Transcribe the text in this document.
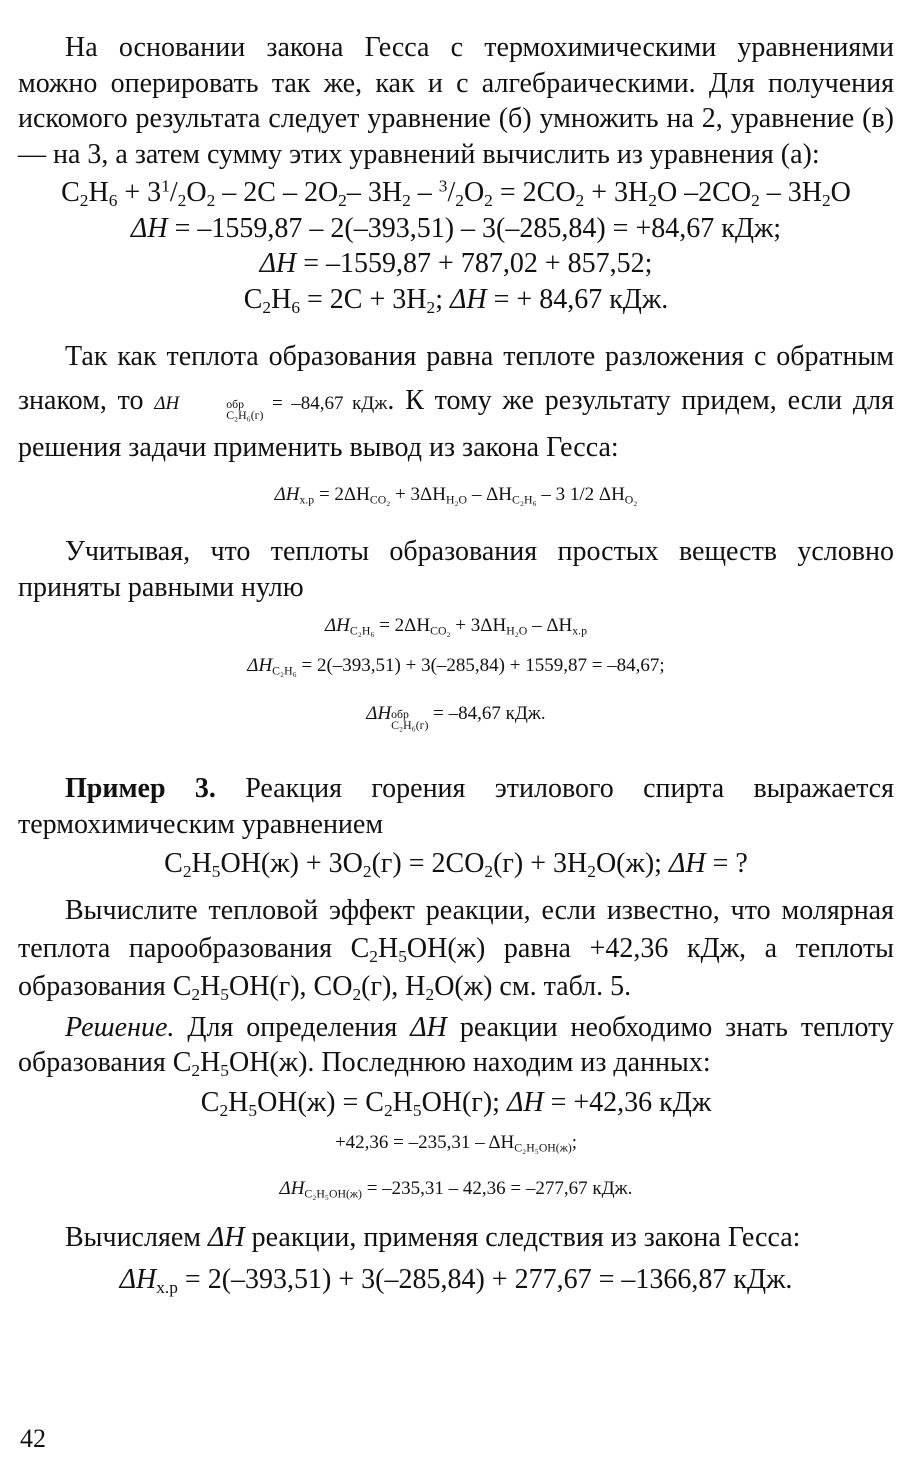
На основании закона Гесса с термохимическими уравнениями можно оперировать так же, как и с алгебраическими. Для получения искомого результата следует уравнение (б) умножить на 2, уравнение (в) — на 3, а затем сумму этих уравнений вычислить из уравнения (а):

$C_2H_6 + 3^1/_2O_2 - 2C - 2O_2-$ $3H_2 - ^3/_2O_2 = 2CO_2 + 3H_2O$ $-2CO_2 - 3H_2O$
ΔH = –1559,87 – 2(–393,51) – 3(–285,84) = +84,67 кДж;
ΔH = –1559,87 + 787,02 + 857,52;
$C_2H_6 = 2C + 3H_2$; ΔH = + 84,67 кДж.

Так как теплота образования равна теплоте разложения с обратным знаком, то ΔH	обр
C₂H₆(г)
= –84,67 кДж. К тому же результату придем, если для решения задачи применить вывод из закона Гесса:

$\Delta H_{х.р} = 2\Delta H_{CO_2} + 3\Delta H_{H_2O} - \Delta H_{C_2H_6} - 3$ 1/2 $\Delta H_{O_2}$

Учитывая, что теплоты образования простых веществ условно приняты равными нулю

$\Delta H_{C_2H_6} = 2\Delta H_{CO_2} + 3\Delta H_{H_2O} - \Delta H_{х.р}$
$\Delta H_{C_2H_6} = 2(-393,51) + 3(-285,84) + 1559,87 = -84,67$;
ΔH обр
C₂H₆(г)
= –84,67 кДж.

Пример 3. Реакция горения этилового спирта выражается термохимическим уравнением

$C_2H_5OH(ж) + 3O_2(г) = 2CO_2(г) + 3H_2O(ж)$; ΔH = ?

Вычислите тепловой эффект реакции, если известно, что молярная теплота парообразования $C_2H_5OH(ж)$ равна +42,36 кДж, а теплоты образования $C_2H_5OH(г)$, $CO_2(г)$, $H_2O(ж)$ см. табл. 5.

Решение. Для определения ΔH реакции необходимо знать теплоту образования $C_2H_5OH(ж)$. Последнюю находим из данных:

$C_2H_5OH(ж) = C_2H_5OH(г)$; ΔH = +42,36 кДж
$+42,36 = -235,31 - \Delta H_{C_2H_5OH(ж)}$;
$\Delta H_{C_2H_5OH(ж)} = -235,31 - 42,36 = -277,67$ кДж.

Вычисляем ΔH реакции, применяя следствия из закона Гесса:

$\Delta H_{х.р} = 2(-393,51) + 3(-285,84) + 277,67 = -1366,87$ кДж.
42
